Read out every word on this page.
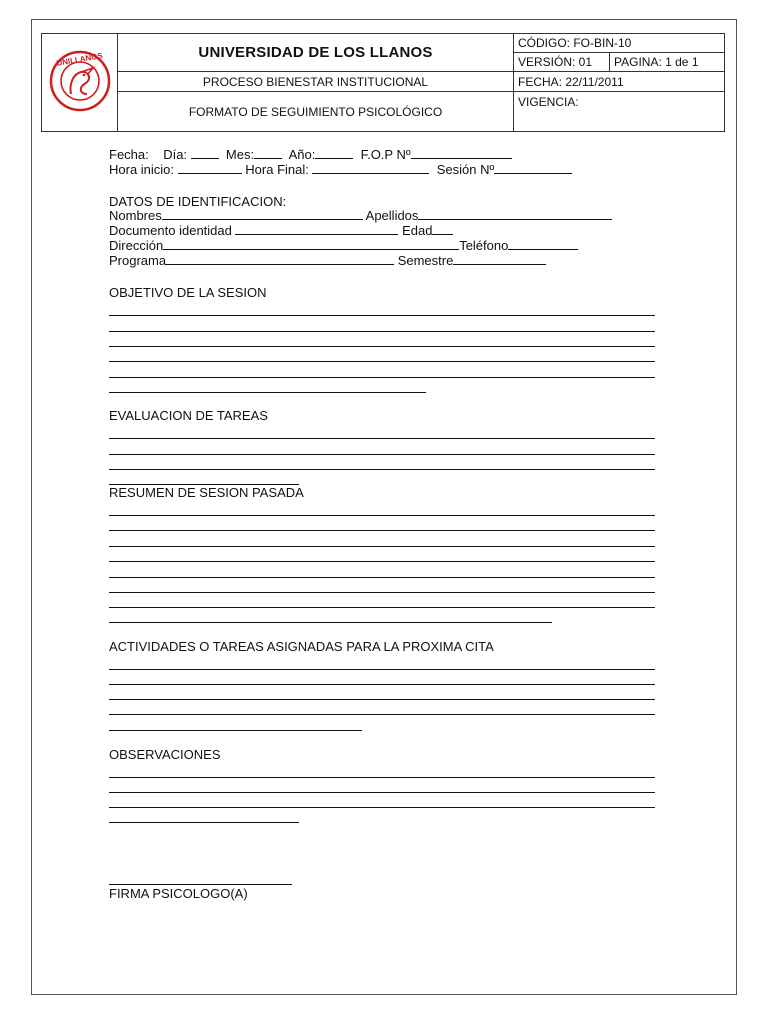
UNILLANOS	UNIVERSIDAD DE LOS LLANOS	CÓDIGO: FO-BIN-10	
		VERSIÓN: 01	PAGINA: 1 de 1
	PROCESO BIENESTAR INSTITUCIONAL	FECHA: 22/11/2011	
	FORMATO DE SEGUIMIENTO PSICOLÓGICO	VIGENCIA:	
Fecha: Día:	Mes:	Año:	F.O.P Nº
Hora inicio:	Hora Final:	Sesión Nº
DATOS DE IDENTIFICACION:
Nombres	Apellidos
Documento identidad	Edad
Dirección	Teléfono
Programa	Semestre
OBJETIVO DE LA SESION
EVALUACION DE TAREAS
RESUMEN DE SESION PASADA
ACTIVIDADES O TAREAS ASIGNADAS PARA LA PROXIMA CITA
OBSERVACIONES
FIRMA PSICOLOGO(A)
